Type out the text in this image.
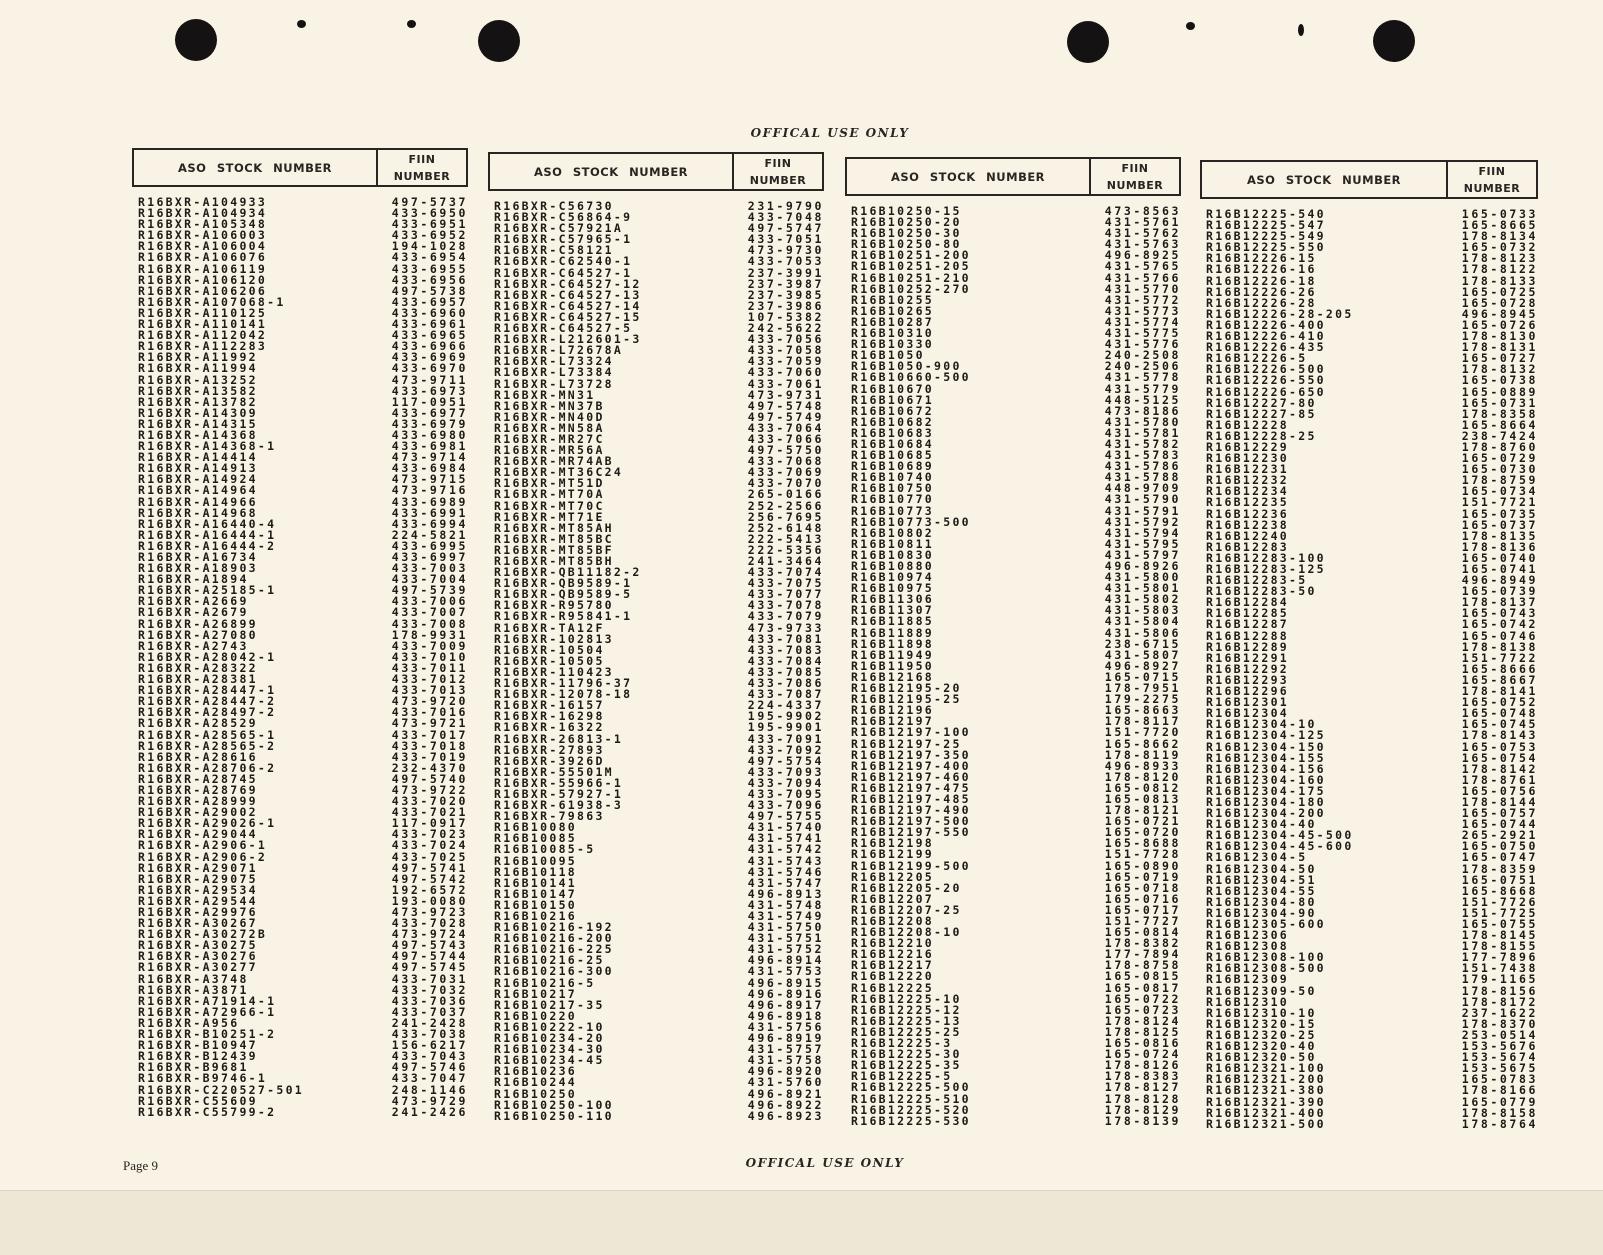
OFFICAL USE ONLY
ASO STOCK NUMBER
FIIN
NUMBER
R16BXR-A104933	497-5737
R16BXR-A104934	433-6950
R16BXR-A105348	433-6951
R16BXR-A106003	433-6952
R16BXR-A106004	194-1028
R16BXR-A106076	433-6954
R16BXR-A106119	433-6955
R16BXR-A106120	433-6956
R16BXR-A106206	497-5738
R16BXR-A107068-1	433-6957
R16BXR-A110125	433-6960
R16BXR-A110141	433-6961
R16BXR-A112042	433-6965
R16BXR-A112283	433-6966
R16BXR-A11992	433-6969
R16BXR-A11994	433-6970
R16BXR-A13252	473-9711
R16BXR-A13582	433-6973
R16BXR-A13782	117-0951
R16BXR-A14309	433-6977
R16BXR-A14315	433-6979
R16BXR-A14368	433-6980
R16BXR-A14368-1	433-6981
R16BXR-A14414	473-9714
R16BXR-A14913	433-6984
R16BXR-A14924	473-9715
R16BXR-A14964	473-9716
R16BXR-A14966	433-6989
R16BXR-A14968	433-6991
R16BXR-A16440-4	433-6994
R16BXR-A16444-1	224-5821
R16BXR-A16444-2	433-6995
R16BXR-A16734	433-6997
R16BXR-A18903	433-7003
R16BXR-A1894	433-7004
R16BXR-A25185-1	497-5739
R16BXR-A2669	433-7006
R16BXR-A2679	433-7007
R16BXR-A26899	433-7008
R16BXR-A27080	178-9931
R16BXR-A2743	433-7009
R16BXR-A28042-1	433-7010
R16BXR-A28322	433-7011
R16BXR-A28381	433-7012
R16BXR-A28447-1	433-7013
R16BXR-A28447-2	473-9720
R16BXR-A28497-2	433-7016
R16BXR-A28529	473-9721
R16BXR-A28565-1	433-7017
R16BXR-A28565-2	433-7018
R16BXR-A28616	433-7019
R16BXR-A28706-2	232-4370
R16BXR-A28745	497-5740
R16BXR-A28769	473-9722
R16BXR-A28999	433-7020
R16BXR-A29002	433-7021
R16BXR-A29026-1	117-0917
R16BXR-A29044	433-7023
R16BXR-A2906-1	433-7024
R16BXR-A2906-2	433-7025
R16BXR-A29071	497-5741
R16BXR-A29075	497-5742
R16BXR-A29534	192-6572
R16BXR-A29544	193-0080
R16BXR-A29976	473-9723
R16BXR-A30267	433-7028
R16BXR-A30272B	473-9724
R16BXR-A30275	497-5743
R16BXR-A30276	497-5744
R16BXR-A30277	497-5745
R16BXR-A3748	433-7031
R16BXR-A3871	433-7032
R16BXR-A71914-1	433-7036
R16BXR-A72966-1	433-7037
R16BXR-A956	241-2428
R16BXR-B10251-2	433-7038
R16BXR-B10947	156-6217
R16BXR-B12439	433-7043
R16BXR-B9681	497-5746
R16BXR-B9746-1	433-7047
R16BXR-C220527-501	248-1146
R16BXR-C55609	473-9729
R16BXR-C55799-2	241-2426
ASO STOCK NUMBER
FIIN
NUMBER
R16BXR-C56730	231-9790
R16BXR-C56864-9	433-7048
R16BXR-C57921A	497-5747
R16BXR-C57965-1	433-7051
R16BXR-C58121	473-9730
R16BXR-C62540-1	433-7053
R16BXR-C64527-1	237-3991
R16BXR-C64527-12	237-3987
R16BXR-C64527-13	237-3985
R16BXR-C64527-14	237-3986
R16BXR-C64527-15	107-5382
R16BXR-C64527-5	242-5622
R16BXR-L212601-3	433-7056
R16BXR-L72678A	433-7058
R16BXR-L73324	433-7059
R16BXR-L73384	433-7060
R16BXR-L73728	433-7061
R16BXR-MN31	473-9731
R16BXR-MN37B	497-5748
R16BXR-MN40D	497-5749
R16BXR-MN58A	433-7064
R16BXR-MR27C	433-7066
R16BXR-MR56A	497-5750
R16BXR-MR74AB	433-7068
R16BXR-MT36C24	433-7069
R16BXR-MT51D	433-7070
R16BXR-MT70A	265-0166
R16BXR-MT70C	252-2566
R16BXR-MT71E	256-7695
R16BXR-MT85AH	252-6148
R16BXR-MT85BC	222-5413
R16BXR-MT85BF	222-5356
R16BXR-MT85BH	241-3464
R16BXR-QB11182-2	433-7074
R16BXR-QB9589-1	433-7075
R16BXR-QB9589-5	433-7077
R16BXR-R95780	433-7078
R16BXR-R95841-1	433-7079
R16BXR-TA12F	473-9733
R16BXR-102813	433-7081
R16BXR-10504	433-7083
R16BXR-10505	433-7084
R16BXR-110423	433-7085
R16BXR-11796-37	433-7086
R16BXR-12078-18	433-7087
R16BXR-16157	224-4337
R16BXR-16298	195-9902
R16BXR-16322	195-9901
R16BXR-26813-1	433-7091
R16BXR-27893	433-7092
R16BXR-3926D	497-5754
R16BXR-55501M	433-7093
R16BXR-55966-1	433-7094
R16BXR-57927-1	433-7095
R16BXR-61938-3	433-7096
R16BXR-79863	497-5755
R16B10080	431-5740
R16B10085	431-5741
R16B10085-5	431-5742
R16B10095	431-5743
R16B10118	431-5746
R16B10141	431-5747
R16B10147	496-8913
R16B10150	431-5748
R16B10216	431-5749
R16B10216-192	431-5750
R16B10216-200	431-5751
R16B10216-225	431-5752
R16B10216-25	496-8914
R16B10216-300	431-5753
R16B10216-5	496-8915
R16B10217	496-8916
R16B10217-35	496-8917
R16B10220	496-8918
R16B10222-10	431-5756
R16B10234-20	496-8919
R16B10234-30	431-5757
R16B10234-45	431-5758
R16B10236	496-8920
R16B10244	431-5760
R16B10250	496-8921
R16B10250-100	496-8922
R16B10250-110	496-8923
ASO STOCK NUMBER
FIIN
NUMBER
R16B10250-15	473-8563
R16B10250-20	431-5761
R16B10250-30	431-5762
R16B10250-80	431-5763
R16B10251-200	496-8925
R16B10251-205	431-5765
R16B10251-210	431-5766
R16B10252-270	431-5770
R16B10255	431-5772
R16B10265	431-5773
R16B10287	431-5774
R16B10310	431-5775
R16B10330	431-5776
R16B1050	240-2508
R16B1050-900	240-2506
R16B10660-500	431-5778
R16B10670	431-5779
R16B10671	448-5125
R16B10672	473-8186
R16B10682	431-5780
R16B10683	431-5781
R16B10684	431-5782
R16B10685	431-5783
R16B10689	431-5786
R16B10740	431-5788
R16B10750	448-9709
R16B10770	431-5790
R16B10773	431-5791
R16B10773-500	431-5792
R16B10802	431-5794
R16B10811	431-5795
R16B10830	431-5797
R16B10880	496-8926
R16B10974	431-5800
R16B10975	431-5801
R16B11306	431-5802
R16B11307	431-5803
R16B11885	431-5804
R16B11889	431-5806
R16B11898	238-6715
R16B11949	431-5807
R16B11950	496-8927
R16B12168	165-0715
R16B12195-20	178-7951
R16B12195-25	179-2275
R16B12196	165-8663
R16B12197	178-8117
R16B12197-100	151-7720
R16B12197-25	165-8662
R16B12197-350	178-8119
R16B12197-400	496-8933
R16B12197-460	178-8120
R16B12197-475	165-0812
R16B12197-485	165-0813
R16B12197-490	178-8121
R16B12197-500	165-0721
R16B12197-550	165-0720
R16B12198	165-8688
R16B12199	151-7728
R16B12199-500	165-0890
R16B12205	165-0719
R16B12205-20	165-0718
R16B12207	165-0716
R16B12207-25	165-0717
R16B12208	151-7727
R16B12208-10	165-0814
R16B12210	178-8382
R16B12216	177-7894
R16B12217	178-8758
R16B12220	165-0815
R16B12225	165-0817
R16B12225-10	165-0722
R16B12225-12	165-0723
R16B12225-13	178-8124
R16B12225-25	178-8125
R16B12225-3	165-0816
R16B12225-30	165-0724
R16B12225-35	178-8126
R16B12225-5	178-8383
R16B12225-500	178-8127
R16B12225-510	178-8128
R16B12225-520	178-8129
R16B12225-530	178-8139
ASO STOCK NUMBER
FIIN
NUMBER
R16B12225-540	165-0733
R16B12225-547	165-8665
R16B12225-549	178-8134
R16B12225-550	165-0732
R16B12226-15	178-8123
R16B12226-16	178-8122
R16B12226-18	178-8133
R16B12226-26	165-0725
R16B12226-28	165-0728
R16B12226-28-205	496-8945
R16B12226-400	165-0726
R16B12226-410	178-8130
R16B12226-435	178-8131
R16B12226-5	165-0727
R16B12226-500	178-8132
R16B12226-550	165-0738
R16B12226-650	165-0889
R16B12227-80	165-0731
R16B12227-85	178-8358
R16B12228	165-8664
R16B12228-25	238-7424
R16B12229	178-8760
R16B12230	165-0729
R16B12231	165-0730
R16B12232	178-8759
R16B12234	165-0734
R16B12235	151-7721
R16B12236	165-0735
R16B12238	165-0737
R16B12240	178-8135
R16B12283	178-8136
R16B12283-100	165-0740
R16B12283-125	165-0741
R16B12283-5	496-8949
R16B12283-50	165-0739
R16B12284	178-8137
R16B12285	165-0743
R16B12287	165-0742
R16B12288	165-0746
R16B12289	178-8138
R16B12291	151-7722
R16B12292	165-8666
R16B12293	165-8667
R16B12296	178-8141
R16B12301	165-0752
R16B12304	165-0748
R16B12304-10	165-0745
R16B12304-125	178-8143
R16B12304-150	165-0753
R16B12304-155	165-0754
R16B12304-156	178-8142
R16B12304-160	178-8761
R16B12304-175	165-0756
R16B12304-180	178-8144
R16B12304-200	165-0757
R16B12304-40	165-0744
R16B12304-45-500	265-2921
R16B12304-45-600	165-0750
R16B12304-5	165-0747
R16B12304-50	178-8359
R16B12304-51	165-0751
R16B12304-55	165-8668
R16B12304-80	151-7726
R16B12304-90	151-7725
R16B12305-600	165-0755
R16B12306	178-8145
R16B12308	178-8155
R16B12308-100	177-7896
R16B12308-500	151-7438
R16B12309	179-1165
R16B12309-50	178-8156
R16B12310	178-8172
R16B12310-10	237-1622
R16B12320-15	178-8370
R16B12320-25	253-0514
R16B12320-40	153-5676
R16B12320-50	153-5674
R16B12321-100	153-5675
R16B12321-200	165-0783
R16B12321-380	178-8166
R16B12321-390	165-0779
R16B12321-400	178-8158
R16B12321-500	178-8764
Page 9	OFFICAL USE ONLY
